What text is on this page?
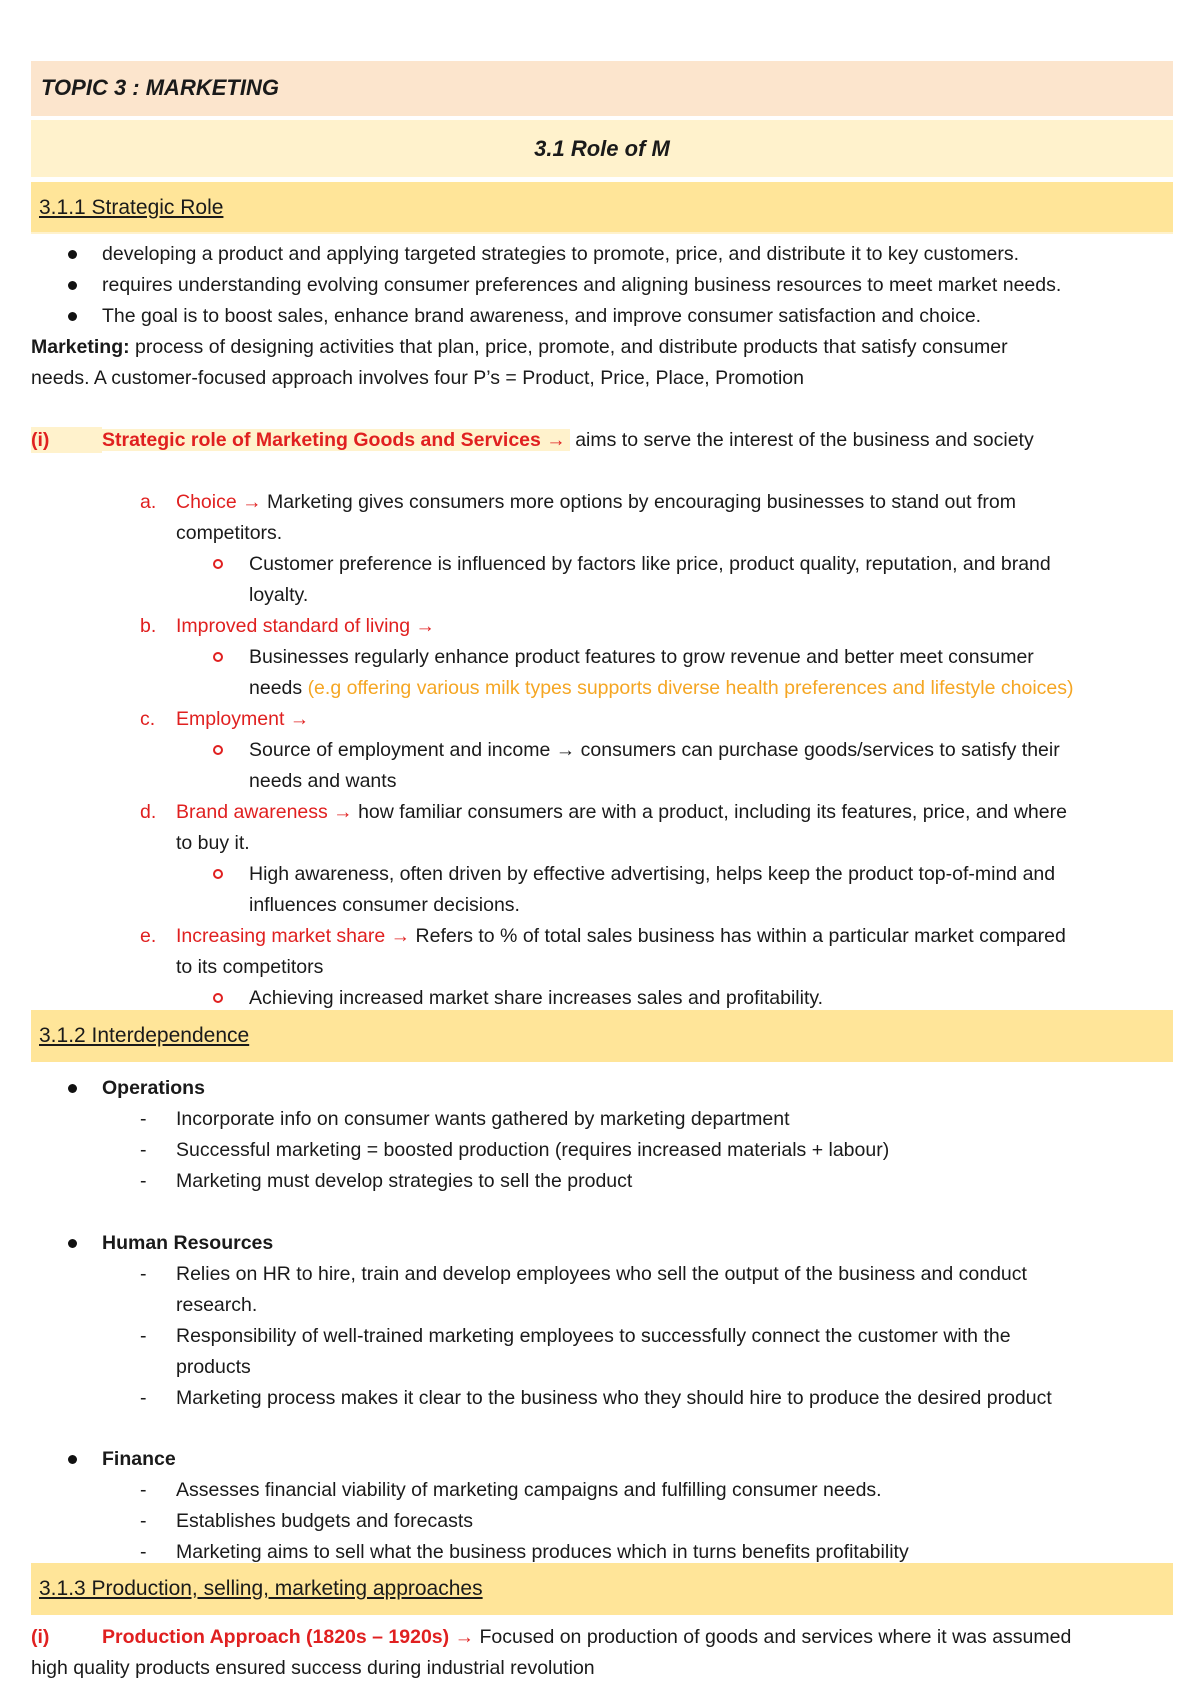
TOPIC 3 : MARKETING
3.1 Role of M
3.1.1 Strategic Role
developing a product and applying targeted strategies to promote, price, and distribute it to key customers.
requires understanding evolving consumer preferences and aligning business resources to meet market needs.
The goal is to boost sales, enhance brand awareness, and improve consumer satisfaction and choice.
Marketing: process of designing activities that plan, price, promote, and distribute products that satisfy consumer
needs. A customer-focused approach involves four P’s = Product, Price, Place, Promotion
(i)	Strategic role of Marketing Goods and Services → aims to serve the interest of the business and society
a. Choice → Marketing gives consumers more options by encouraging businesses to stand out from
competitors.
Customer preference is influenced by factors like price, product quality, reputation, and brand
loyalty.
b. Improved standard of living →
Businesses regularly enhance product features to grow revenue and better meet consumer
needs (e.g offering various milk types supports diverse health preferences and lifestyle choices)
c. Employment →
Source of employment and income → consumers can purchase goods/services to satisfy their
needs and wants
d. Brand awareness → how familiar consumers are with a product, including its features, price, and where
to buy it.
High awareness, often driven by effective advertising, helps keep the product top-of-mind and
influences consumer decisions.
e. Increasing market share → Refers to % of total sales business has within a particular market compared
to its competitors
Achieving increased market share increases sales and profitability.
3.1.2 Interdependence
Operations
- Incorporate info on consumer wants gathered by marketing department
- Successful marketing = boosted production (requires increased materials + labour)
- Marketing must develop strategies to sell the product
Human Resources
- Relies on HR to hire, train and develop employees who sell the output of the business and conduct
research.
- Responsibility of well-trained marketing employees to successfully connect the customer with the
products
- Marketing process makes it clear to the business who they should hire to produce the desired product
Finance
- Assesses financial viability of marketing campaigns and fulfilling consumer needs.
- Establishes budgets and forecasts
- Marketing aims to sell what the business produces which in turns benefits profitability
3.1.3 Production, selling, marketing approaches
(i)	Production Approach (1820s – 1920s) → Focused on production of goods and services where it was assumed
high quality products ensured success during industrial revolution
